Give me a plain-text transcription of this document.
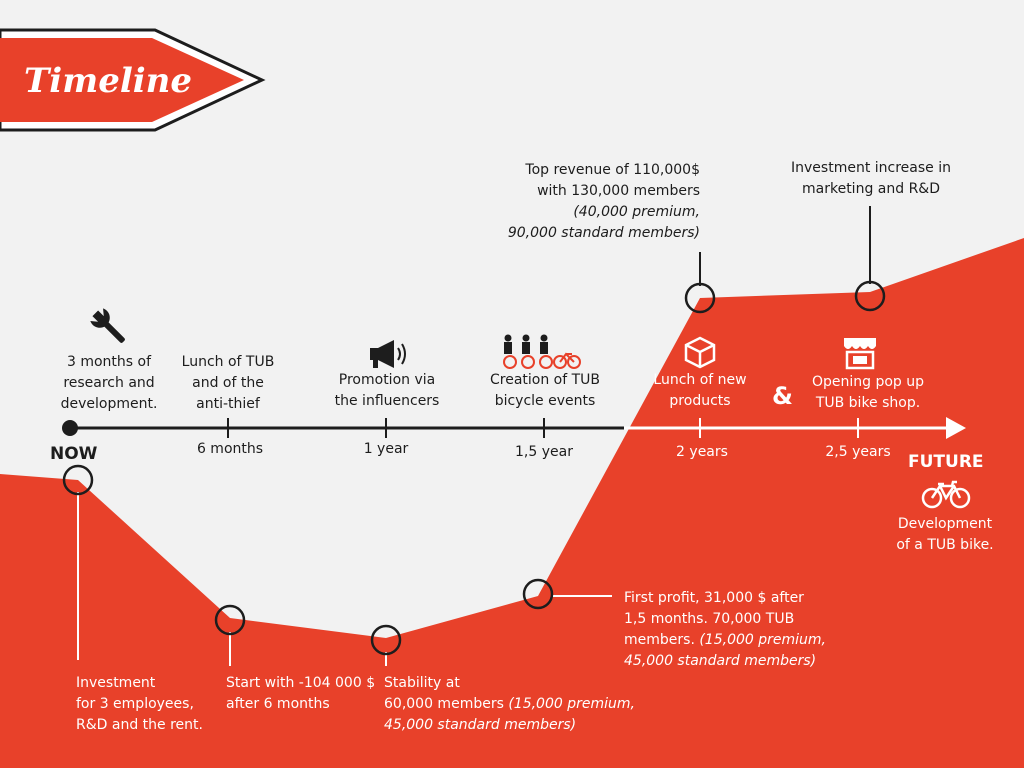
Timeline
NOW	FUTURE
&
6 months	1 year	1,5 year	2 years	2,5 years
3 months of
research and
development.
Lunch of TUB
and of the
anti-thief
Promotion via
the influencers
Creation of TUB
bicycle events
Lunch of new
products
Opening pop up
TUB bike shop.
Development
of a TUB bike.
Investment
for 3 employees,
R&D and the rent.
Start with -104 000 $
after 6 months
Stability at
60,000 members (15,000 premium,
45,000 standard members)
First profit, 31,000 $ after
1,5 months. 70,000 TUB
members. (15,000 premium,
45,000 standard members)
Top revenue of 110,000$
with 130,000 members
(40,000 premium,
90,000 standard members)
Investment increase in
marketing and R&D
